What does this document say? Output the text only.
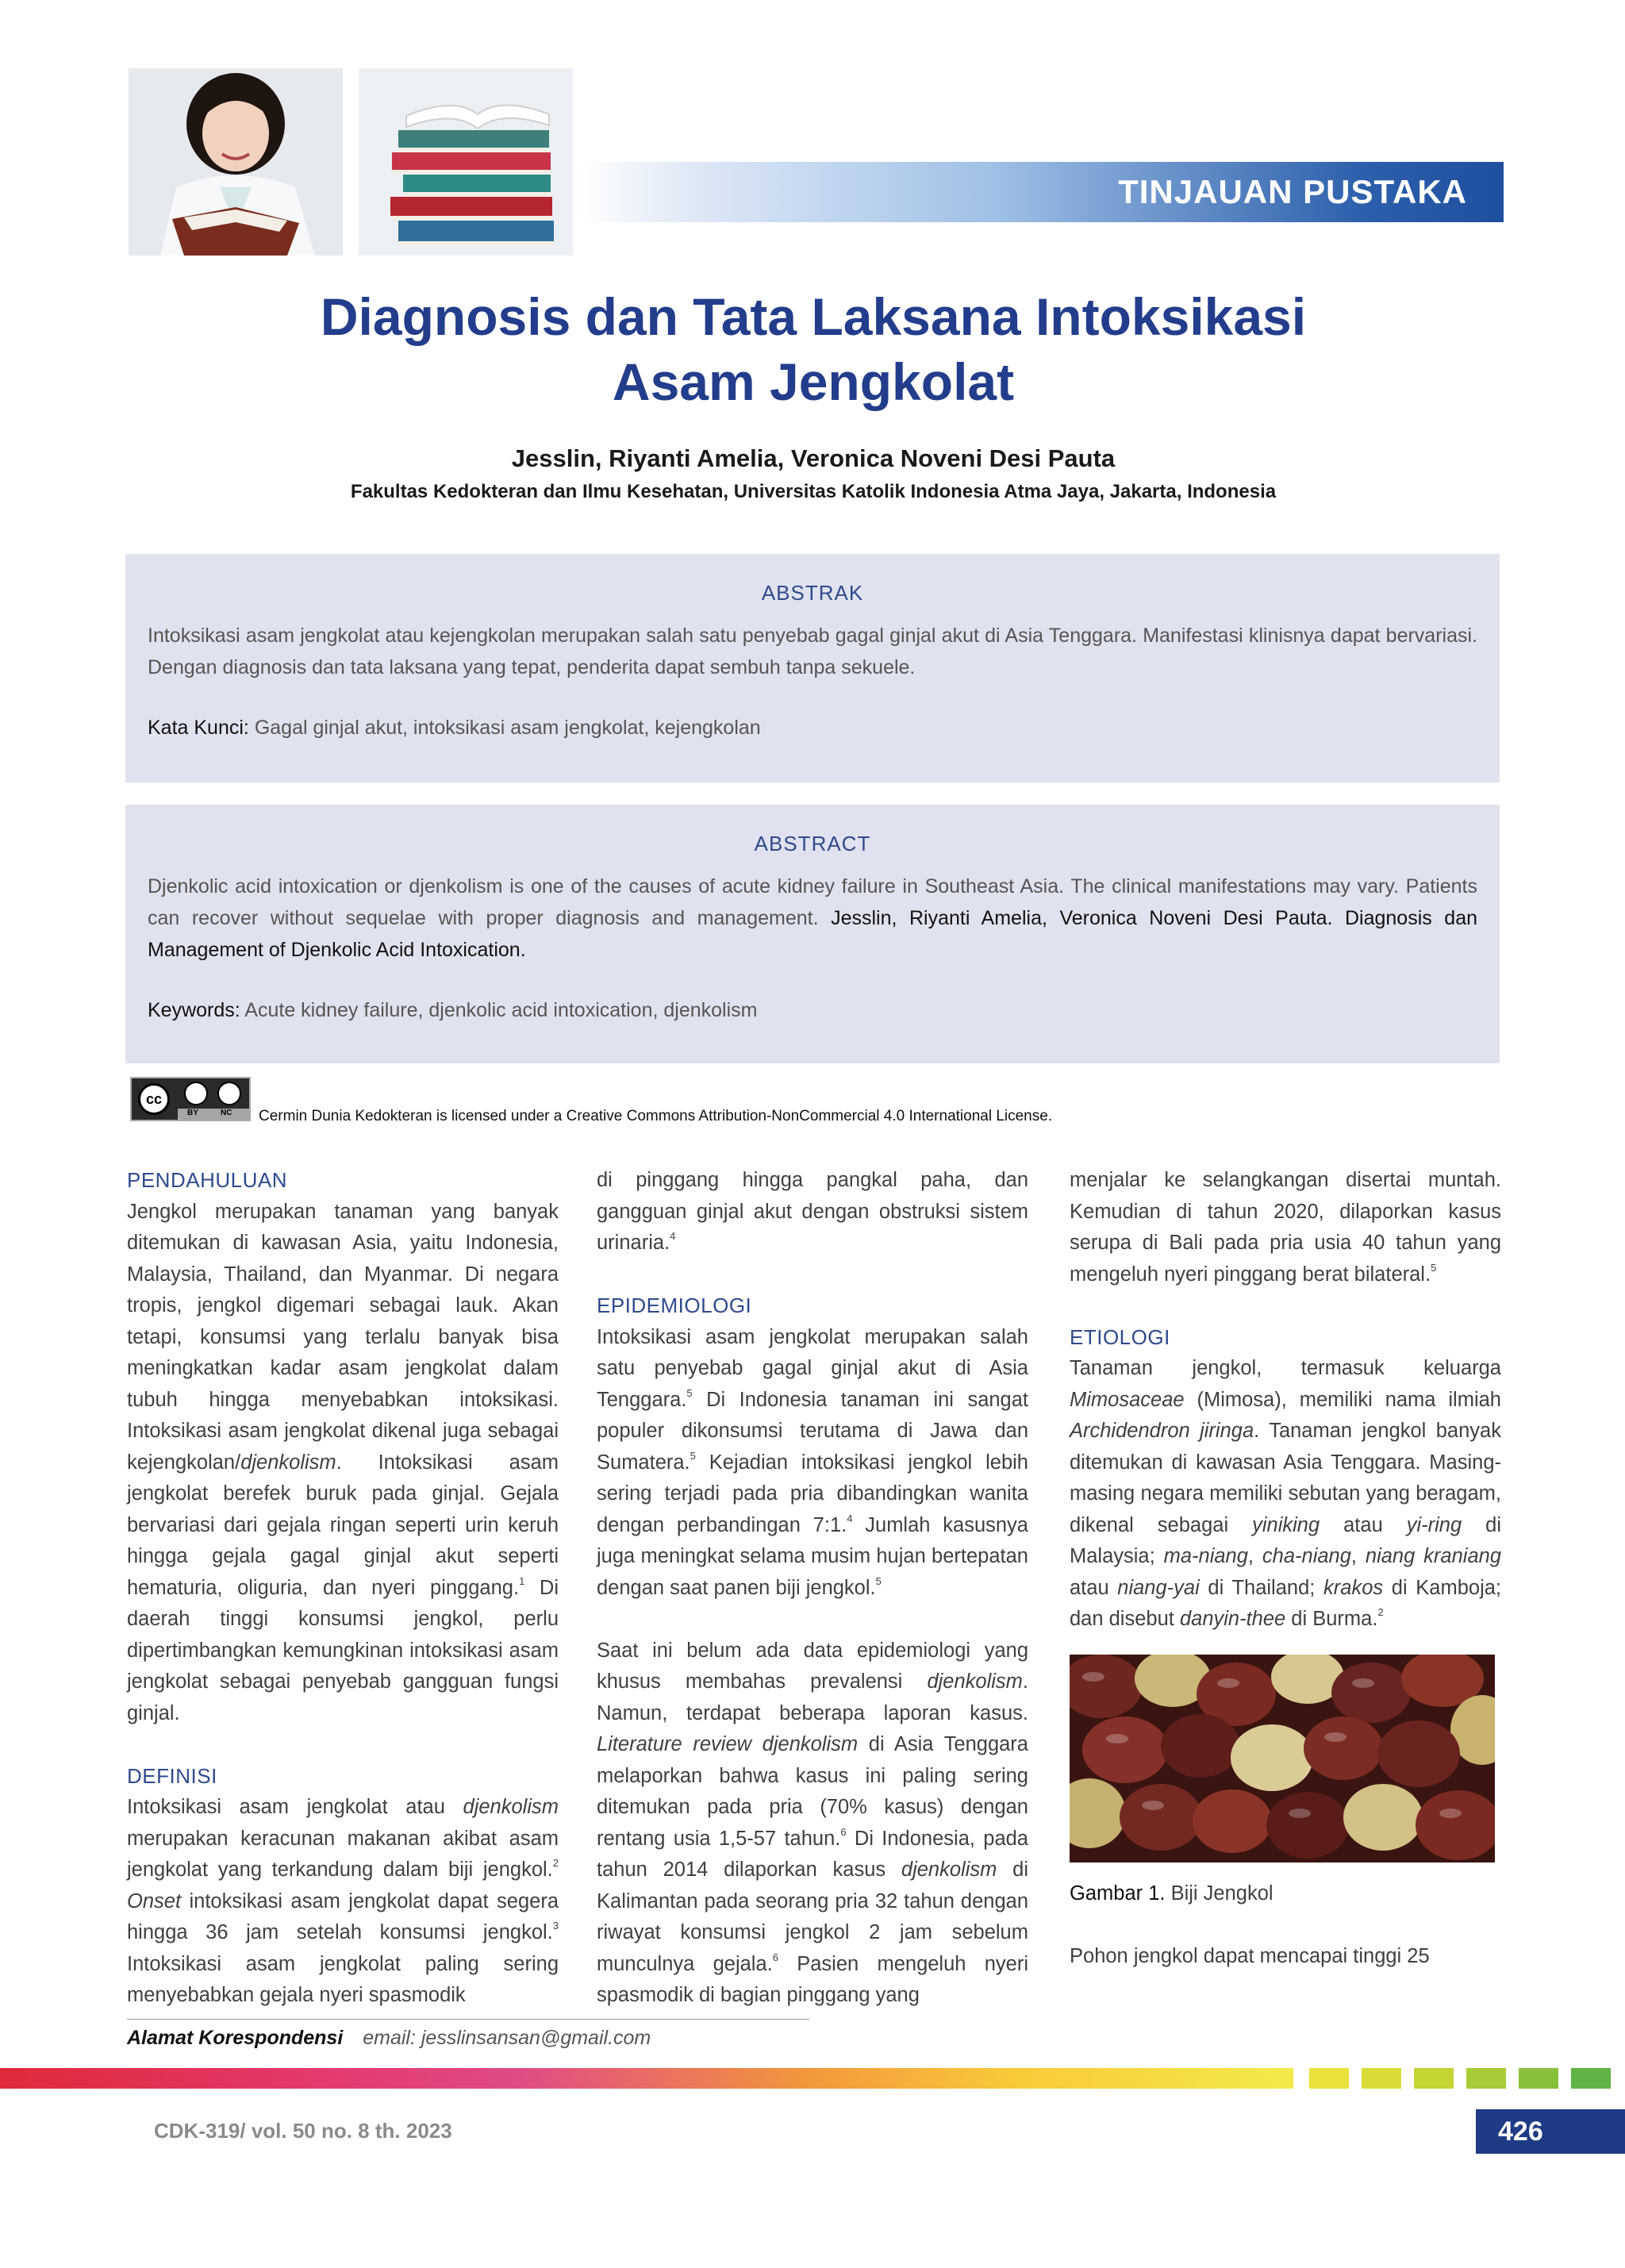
TINJAUAN PUSTAKA
Diagnosis dan Tata Laksana Intoksikasi
Asam Jengkolat
Jesslin, Riyanti Amelia, Veronica Noveni Desi Pauta
Fakultas Kedokteran dan Ilmu Kesehatan, Universitas Katolik Indonesia Atma Jaya, Jakarta, Indonesia
ABSTRAK

Intoksikasi asam jengkolat atau kejengkolan merupakan salah satu penyebab gagal ginjal akut di Asia Tenggara. Manifestasi klinisnya dapat bervariasi. Dengan diagnosis dan tata laksana yang tepat, penderita dapat sembuh tanpa sekuele.

Kata Kunci: Gagal ginjal akut, intoksikasi asam jengkolat, kejengkolan

ABSTRACT

Djenkolic acid intoxication or djenkolism is one of the causes of acute kidney failure in Southeast Asia. The clinical manifestations may vary. Patients can recover without sequelae with proper diagnosis and management. Jesslin, Riyanti Amelia, Veronica Noveni Desi Pauta. Diagnosis dan Management of Djenkolic Acid Intoxication.

Keywords: Acute kidney failure, djenkolic acid intoxication, djenkolism

cc
BY	NC Cermin Dunia Kedokteran is licensed under a Creative Commons Attribution-NonCommercial 4.0 International License.
PENDAHULUAN

Jengkol merupakan tanaman yang banyak ditemukan di kawasan Asia, yaitu Indonesia, Malaysia, Thailand, dan Myanmar. Di negara tropis, jengkol digemari sebagai lauk. Akan tetapi, konsumsi yang terlalu banyak bisa meningkatkan kadar asam jengkolat dalam tubuh hingga menyebabkan intoksikasi. Intoksikasi asam jengkolat dikenal juga sebagai kejengkolan/djenkolism. Intoksikasi asam jengkolat berefek buruk pada ginjal. Gejala bervariasi dari gejala ringan seperti urin keruh hingga gejala gagal ginjal akut seperti hematuria, oliguria, dan nyeri pinggang.$^1$ Di daerah tinggi konsumsi jengkol, perlu dipertimbangkan kemungkinan intoksikasi asam jengkolat sebagai penyebab gangguan fungsi ginjal.

DEFINISI

Intoksikasi asam jengkolat atau djenkolism merupakan keracunan makanan akibat asam jengkolat yang terkandung dalam biji jengkol.$^2$ Onset intoksikasi asam jengkolat dapat segera hingga 36 jam setelah konsumsi jengkol.$^3$ Intoksikasi asam jengkolat paling sering menyebabkan gejala nyeri spasmodik

di pinggang hingga pangkal paha, dan gangguan ginjal akut dengan obstruksi sistem urinaria.$^4$

EPIDEMIOLOGI

Intoksikasi asam jengkolat merupakan salah satu penyebab gagal ginjal akut di Asia Tenggara.$^5$ Di Indonesia tanaman ini sangat populer dikonsumsi terutama di Jawa dan Sumatera.$^5$ Kejadian intoksikasi jengkol lebih sering terjadi pada pria dibandingkan wanita dengan perbandingan 7:1.$^4$ Jumlah kasusnya juga meningkat selama musim hujan bertepatan dengan saat panen biji jengkol.$^5$

Saat ini belum ada data epidemiologi yang khusus membahas prevalensi djenkolism. Namun, terdapat beberapa laporan kasus. Literature review djenkolism di Asia Tenggara melaporkan bahwa kasus ini paling sering ditemukan pada pria (70% kasus) dengan rentang usia 1,5-57 tahun.$^6$ Di Indonesia, pada tahun 2014 dilaporkan kasus djenkolism di Kalimantan pada seorang pria 32 tahun dengan riwayat konsumsi jengkol 2 jam sebelum munculnya gejala.$^6$ Pasien mengeluh nyeri spasmodik di bagian pinggang yang

menjalar ke selangkangan disertai muntah. Kemudian di tahun 2020, dilaporkan kasus serupa di Bali pada pria usia 40 tahun yang mengeluh nyeri pinggang berat bilateral.$^5$

ETIOLOGI

Tanaman jengkol, termasuk keluarga Mimosaceae (Mimosa), memiliki nama ilmiah Archidendron jiringa. Tanaman jengkol banyak ditemukan di kawasan Asia Tenggara. Masing-masing negara memiliki sebutan yang beragam, dikenal sebagai yiniking atau yi-ring di Malaysia; ma-niang, cha-niang, niang kraniang atau niang-yai di Thailand; krakos di Kamboja; dan disebut danyin-thee di Burma.$^2$

Gambar 1. Biji Jengkol

Pohon jengkol dapat mencapai tinggi 25

Alamat Korespondensi email: jesslinsansan@gmail.com
CDK-319/ vol. 50 no. 8 th. 2023	426
